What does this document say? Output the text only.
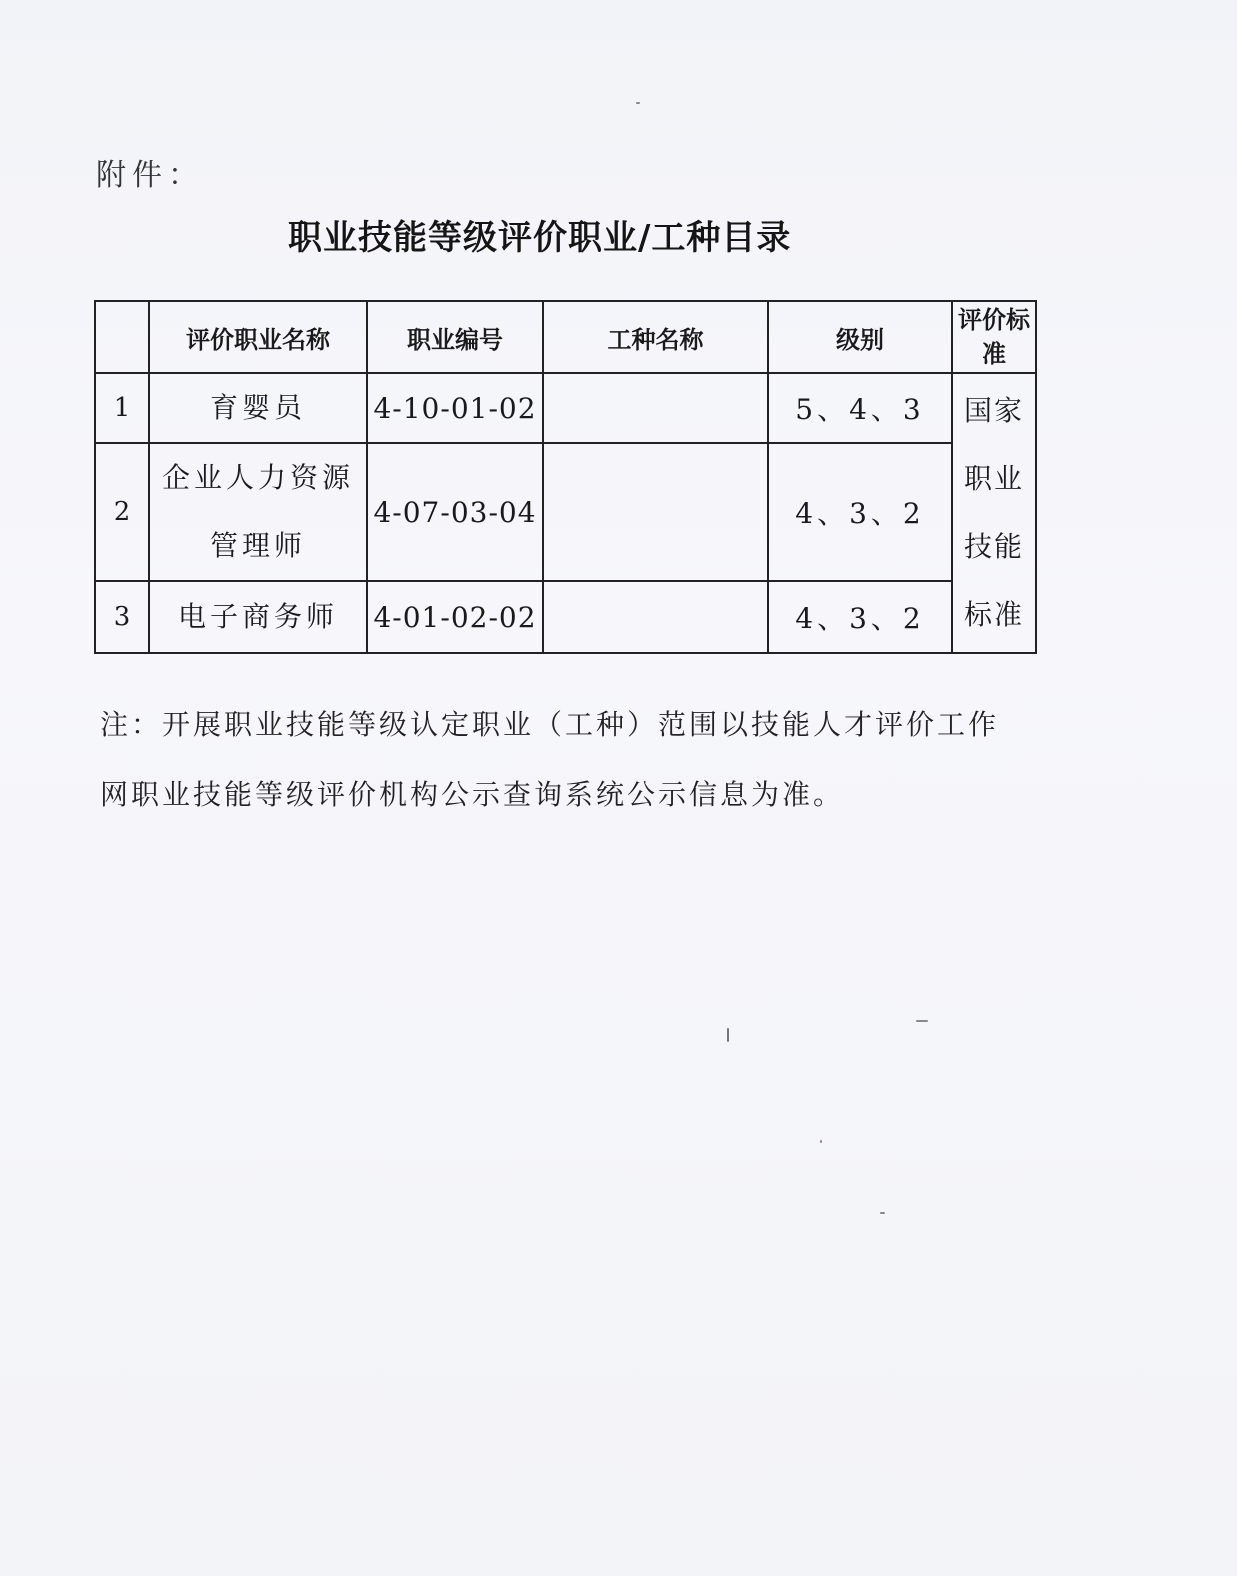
附件：
职业技能等级评价职业/工种目录
	评价职业名称	职业编号	工种名称	级别	评价标准
1	育婴员	4-10-01-02		5、4、3	国家职业技能标准
2	企业人力资源管理师	4-07-03-04		4、3、2	
3	电子商务师	4-01-02-02		4、3、2	
注：开展职业技能等级认定职业（工种）范围以技能人才评价工作网职业技能等级评价机构公示查询系统公示信息为准。
